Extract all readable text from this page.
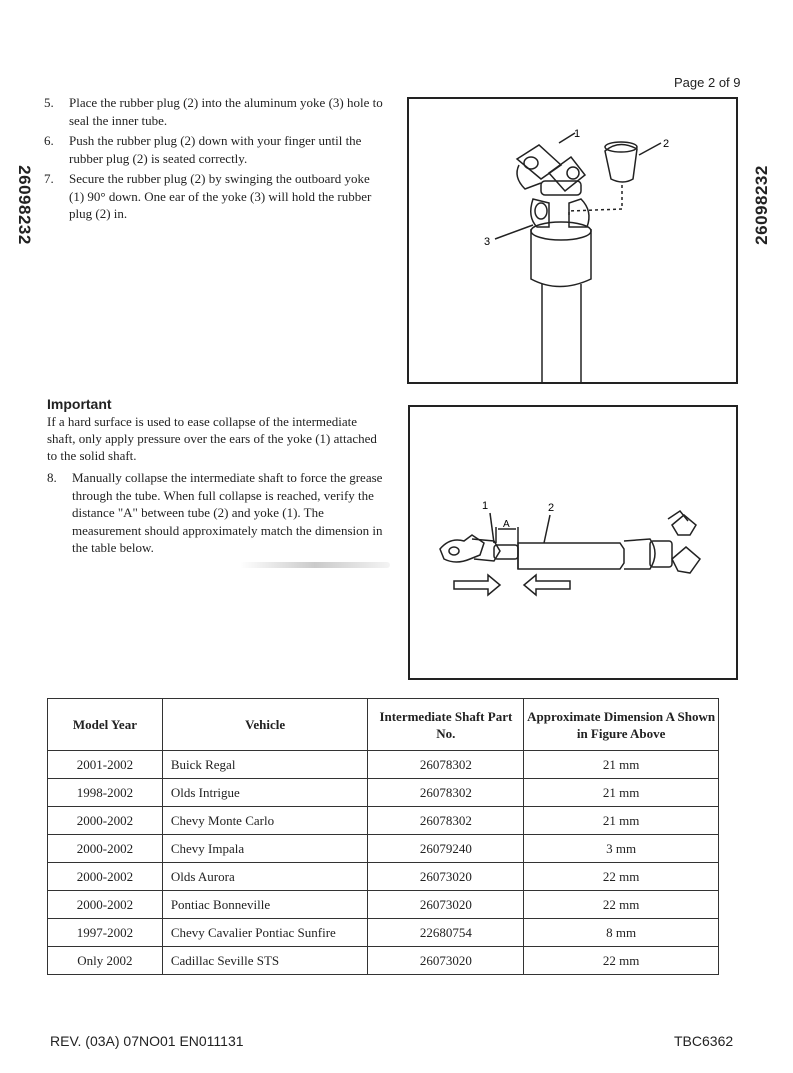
Page 2 of 9
26098232	26098232
5.	Place the rubber plug (2) into the aluminum yoke (3) hole to seal the inner tube.
6.	Push the rubber plug (2) down with your finger until the rubber plug (2) is seated correctly.
7.	Secure the rubber plug (2) by swinging the outboard yoke (1) 90° down. One ear of the yoke (3) will hold the rubber plug (2) in.
1
2
3
Important
If a hard surface is used to ease collapse of the intermediate shaft, only apply pressure over the ears of the yoke (1) attached to the solid shaft.
8.	Manually collapse the intermediate shaft to force the grease through the tube. When full collapse is reached, verify the distance "A" between tube (2) and yoke (1). The measurement should approximately match the dimension in the table below.
1	2
A
Model Year	Vehicle	Intermediate Shaft Part No.	Approximate Dimension A Shown in Figure Above
2001-2002	Buick Regal	26078302	21 mm
1998-2002	Olds Intrigue	26078302	21 mm
2000-2002	Chevy Monte Carlo	26078302	21 mm
2000-2002	Chevy Impala	26079240	3 mm
2000-2002	Olds Aurora	26073020	22 mm
2000-2002	Pontiac Bonneville	26073020	22 mm
1997-2002	Chevy Cavalier Pontiac Sunfire	22680754	8 mm
Only 2002	Cadillac Seville STS	26073020	22 mm
REV. (03A) 07NO01 EN011131	TBC6362
